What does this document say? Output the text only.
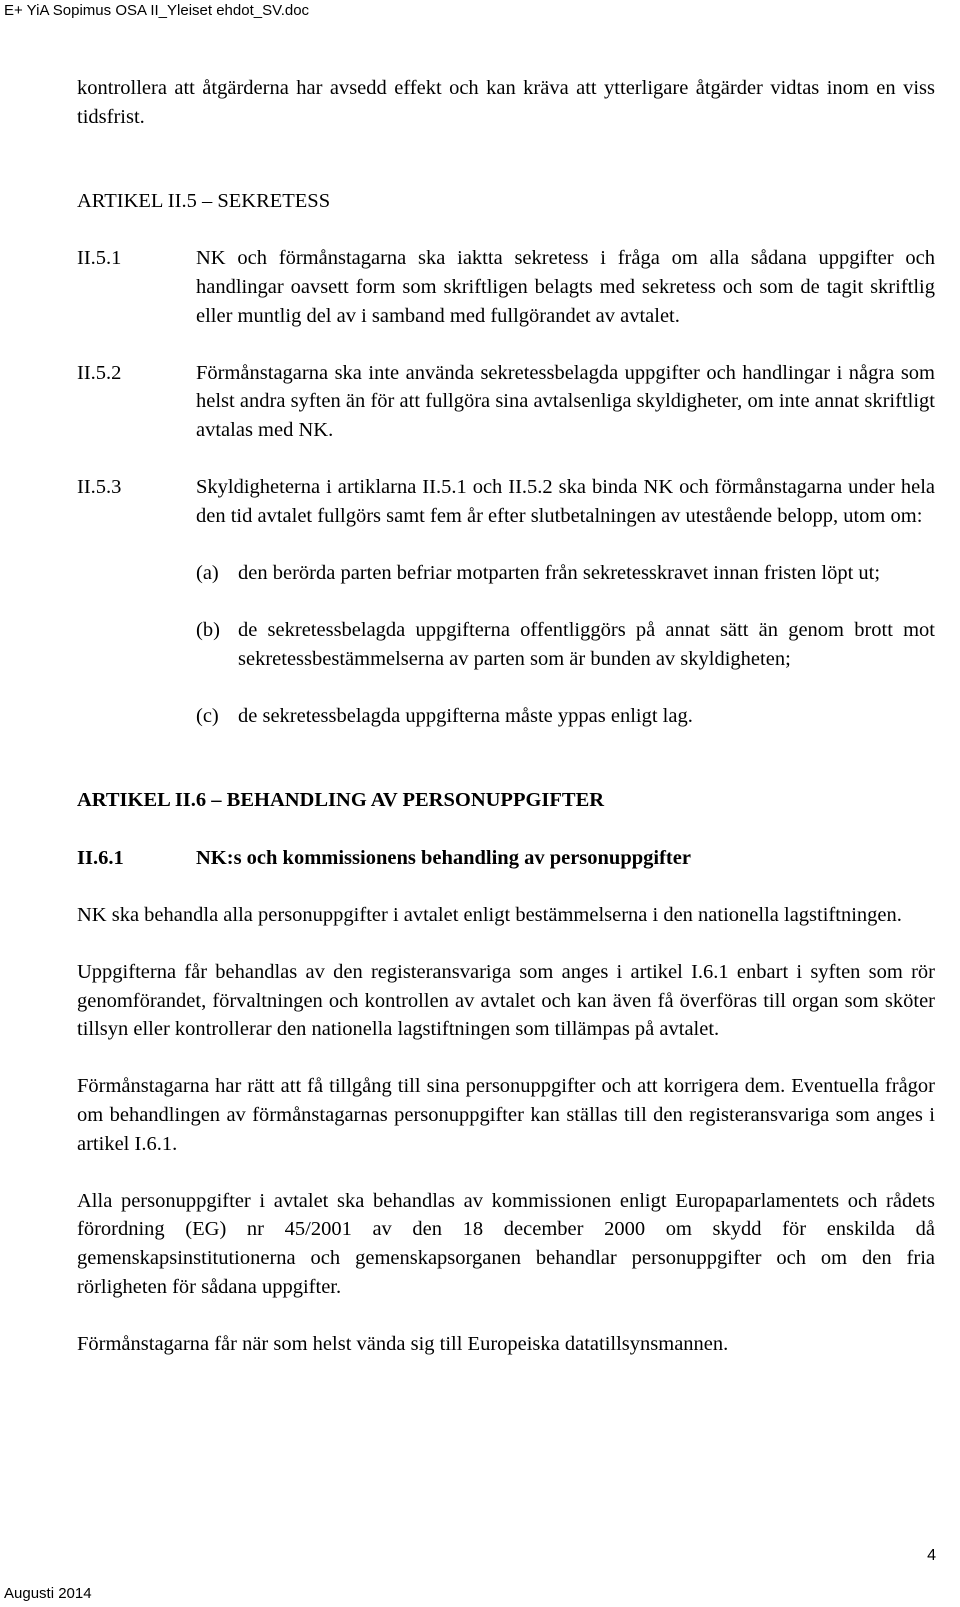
E+ YiA Sopimus OSA II_Yleiset ehdot_SV.doc

kontrollera att åtgärderna har avsedd effekt och kan kräva att ytterligare åtgärder vidtas inom en viss tidsfrist.

ARTIKEL II.5 – SEKRETESS

II.5.1	NK och förmånstagarna ska iaktta sekretess i fråga om alla sådana uppgifter och handlingar oavsett form som skriftligen belagts med sekretess och som de tagit skriftlig eller muntlig del av i samband med fullgörandet av avtalet.
II.5.2	Förmånstagarna ska inte använda sekretessbelagda uppgifter och handlingar i några som helst andra syften än för att fullgöra sina avtalsenliga skyldigheter, om inte annat skriftligt avtalas med NK.
II.5.3	Skyldigheterna i artiklarna II.5.1 och II.5.2 ska binda NK och förmånstagarna under hela den tid avtalet fullgörs samt fem år efter slutbetalningen av utestående belopp, utom om:
(a) den berörda parten befriar motparten från sekretesskravet innan fristen löpt ut;
(b) de sekretessbelagda uppgifterna offentliggörs på annat sätt än genom brott mot sekretessbestämmelserna av parten som är bunden av skyldigheten;
(c) de sekretessbelagda uppgifterna måste yppas enligt lag.

ARTIKEL II.6 – BEHANDLING AV PERSONUPPGIFTER

II.6.1	NK:s och kommissionens behandling av personuppgifter

NK ska behandla alla personuppgifter i avtalet enligt bestämmelserna i den nationella lagstiftningen.

Uppgifterna får behandlas av den registeransvariga som anges i artikel I.6.1 enbart i syften som rör genomförandet, förvaltningen och kontrollen av avtalet och kan även få överföras till organ som sköter tillsyn eller kontrollerar den nationella lagstiftningen som tillämpas på avtalet.

Förmånstagarna har rätt att få tillgång till sina personuppgifter och att korrigera dem. Eventuella frågor om behandlingen av förmånstagarnas personuppgifter kan ställas till den registeransvariga som anges i artikel I.6.1.

Alla personuppgifter i avtalet ska behandlas av kommissionen enligt Europaparlamentets och rådets förordning (EG) nr 45/2001 av den 18 december 2000 om skydd för enskilda då gemenskapsinstitutionerna och gemenskapsorganen behandlar personuppgifter och om den fria rörligheten för sådana uppgifter.

Förmånstagarna får när som helst vända sig till Europeiska datatillsynsmannen.

4
Augusti 2014
